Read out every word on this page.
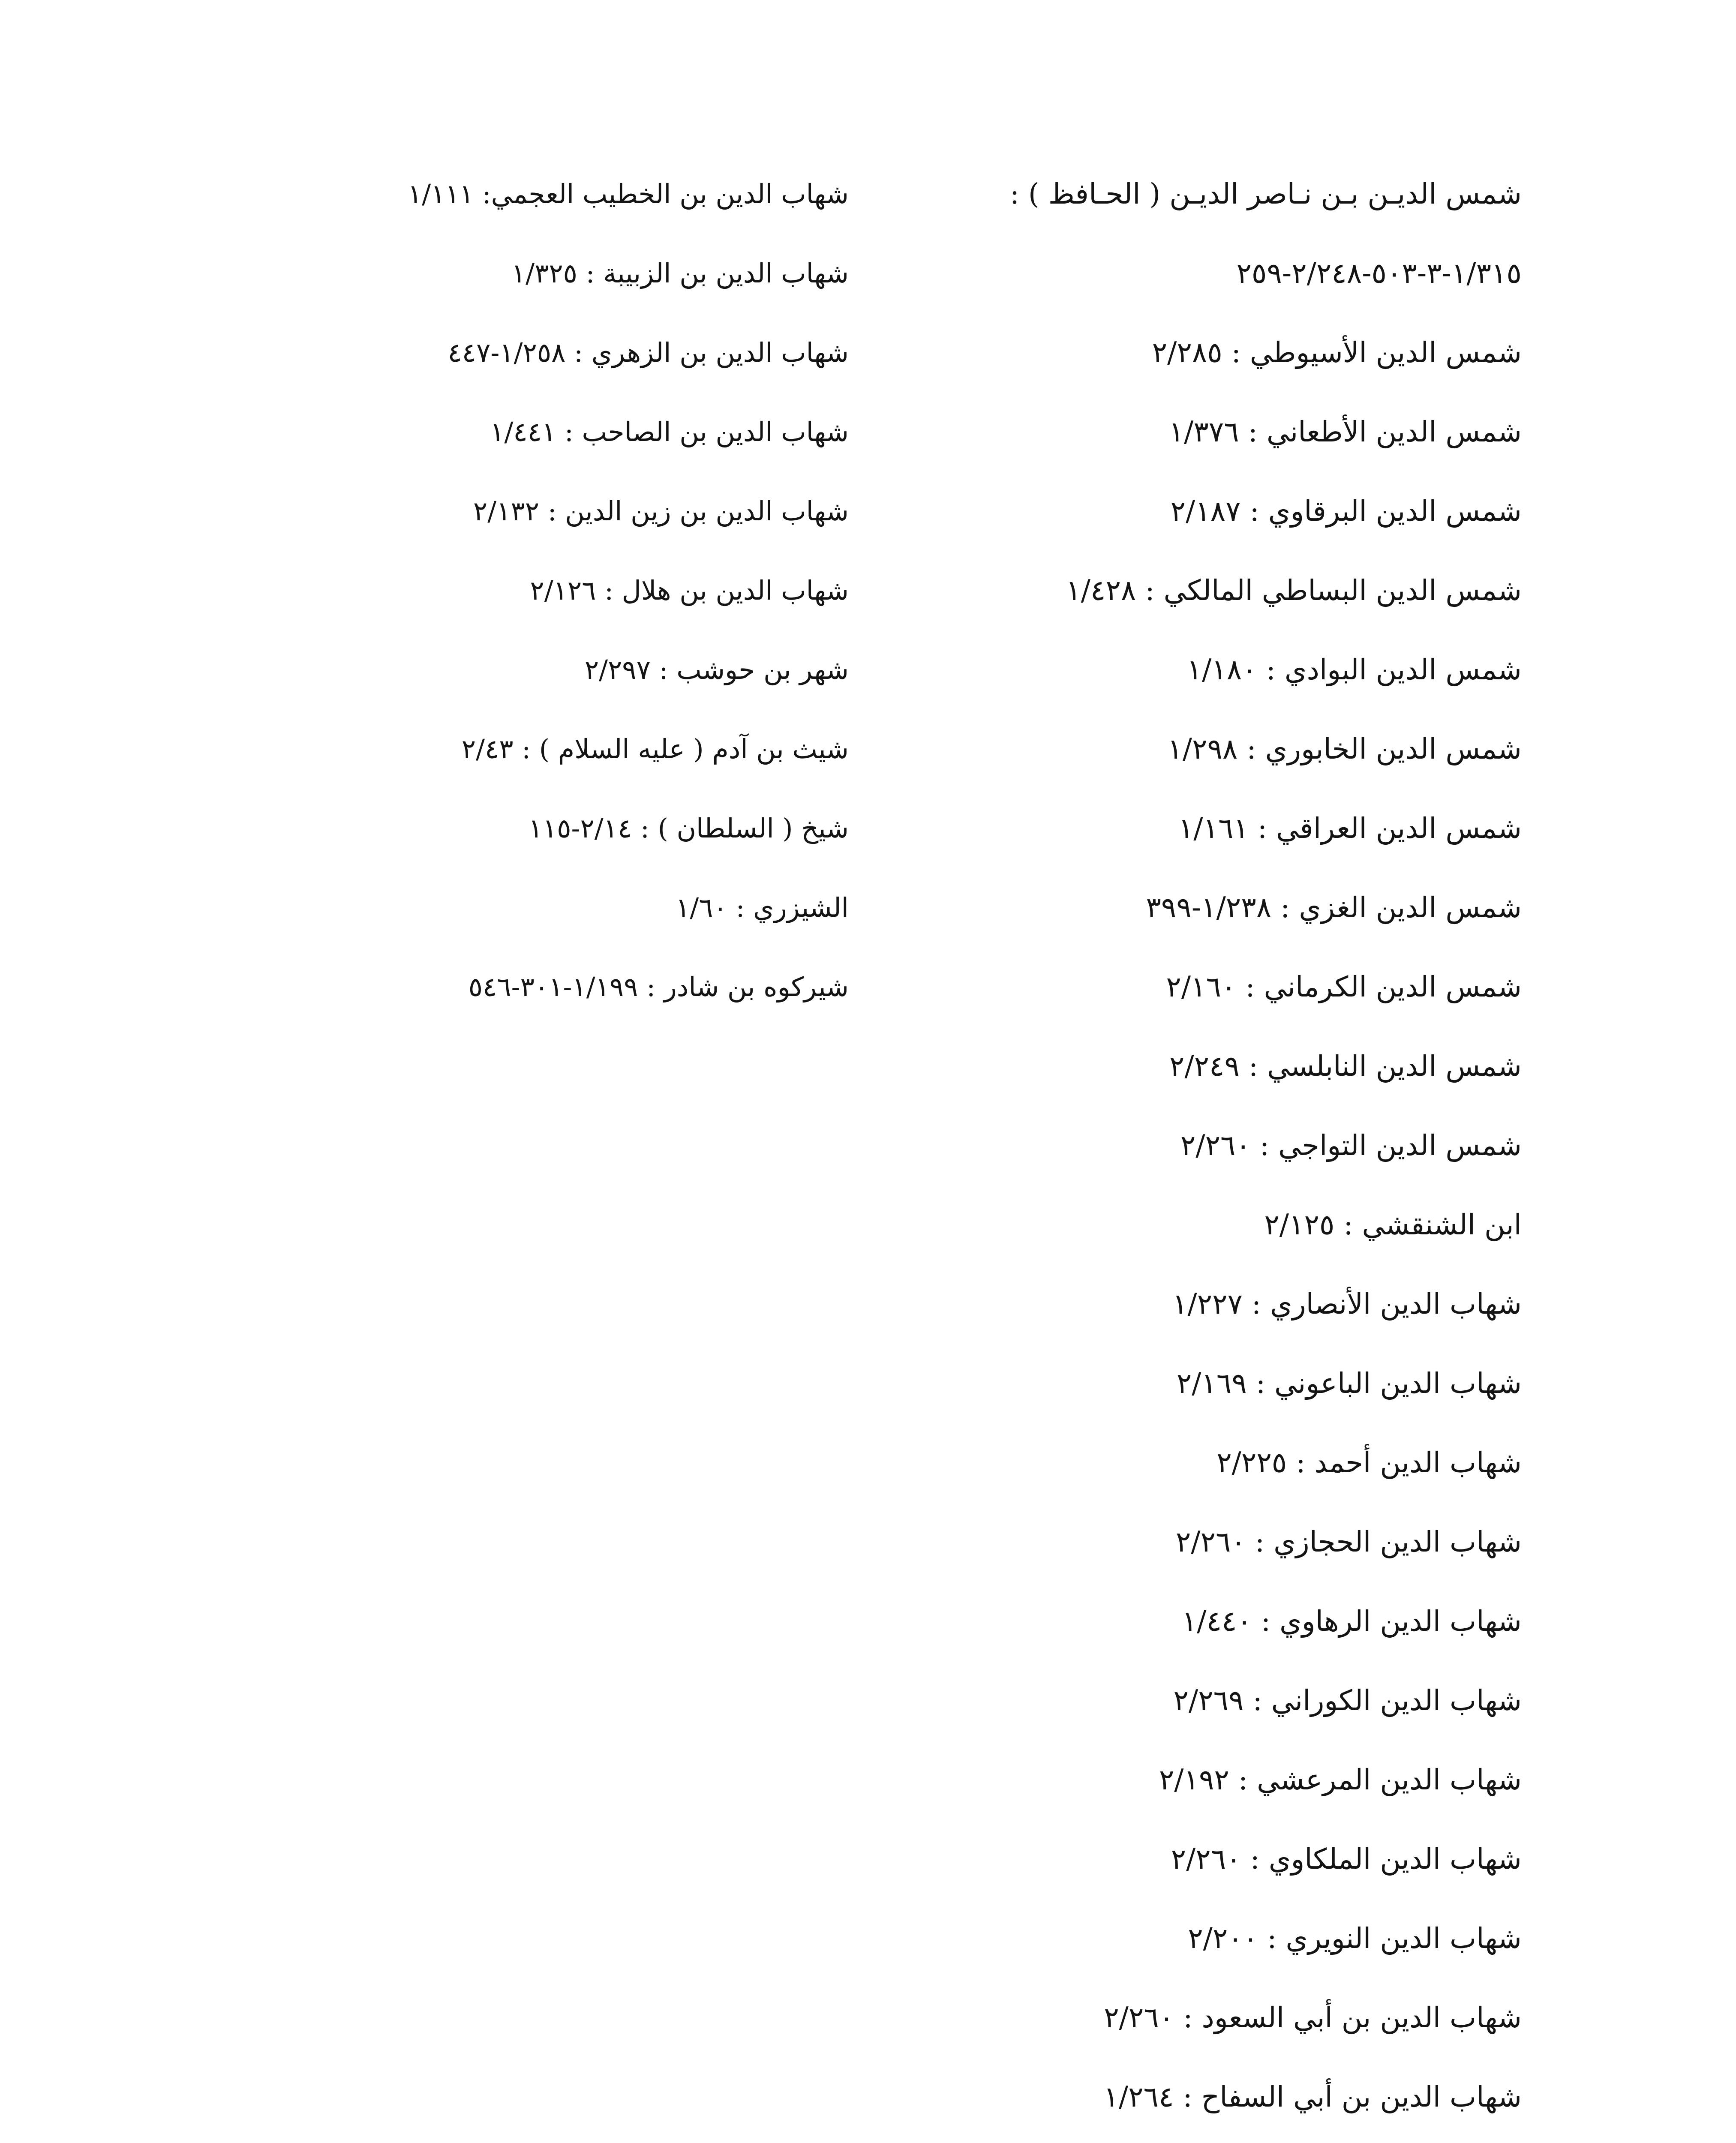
شمس الديـن بـن نـاصر الديـن ( الحـافظ ) :
١/٣١٥-٣-٥٠٣-٢/٢٤٨-٢٥٩
شمس الدين الأسيوطي : ٢/٢٨٥
شمس الدين الأطعاني : ١/٣٧٦
شمس الدين البرقاوي : ٢/١٨٧
شمس الدين البساطي المالكي : ١/٤٢٨
شمس الدين البوادي : ١/١٨٠
شمس الدين الخابوري : ١/٢٩٨
شمس الدين العراقي : ١/١٦١
شمس الدين الغزي : ١/٢٣٨-٣٩٩
شمس الدين الكرماني : ٢/١٦٠
شمس الدين النابلسي : ٢/٢٤٩
شمس الدين التواجي : ٢/٢٦٠
ابن الشنقشي : ٢/١٢٥
شهاب الدين الأنصاري : ١/٢٢٧
شهاب الدين الباعوني : ٢/١٦٩
شهاب الدين أحمد : ٢/٢٢٥
شهاب الدين الحجازي : ٢/٢٦٠
شهاب الدين الرهاوي : ١/٤٤٠
شهاب الدين الكوراني : ٢/٢٦٩
شهاب الدين المرعشي : ٢/١٩٢
شهاب الدين الملكاوي : ٢/٢٦٠
شهاب الدين النويري : ٢/٢٠٠
شهاب الدين بن أبي السعود : ٢/٢٦٠
شهاب الدين بن أبي السفاح : ١/٢٦٤
شهاب الدين بن الخطيب العجمي: ١/١١١
شهاب الدين بن الزبيبة : ١/٣٢٥
شهاب الدين بن الزهري : ١/٢٥٨-٤٤٧
شهاب الدين بن الصاحب : ١/٤٤١
شهاب الدين بن زين الدين : ٢/١٣٢
شهاب الدين بن هلال : ٢/١٢٦
شهر بن حوشب : ٢/٢٩٧
شيث بن آدم ( عليه السلام ) : ٢/٤٣
شيخ ( السلطان ) : ٢/١٤-١١٥
الشيزري : ١/٦٠
شيركوه بن شادر : ١/١٩٩-٣٠١-٥٤٦
